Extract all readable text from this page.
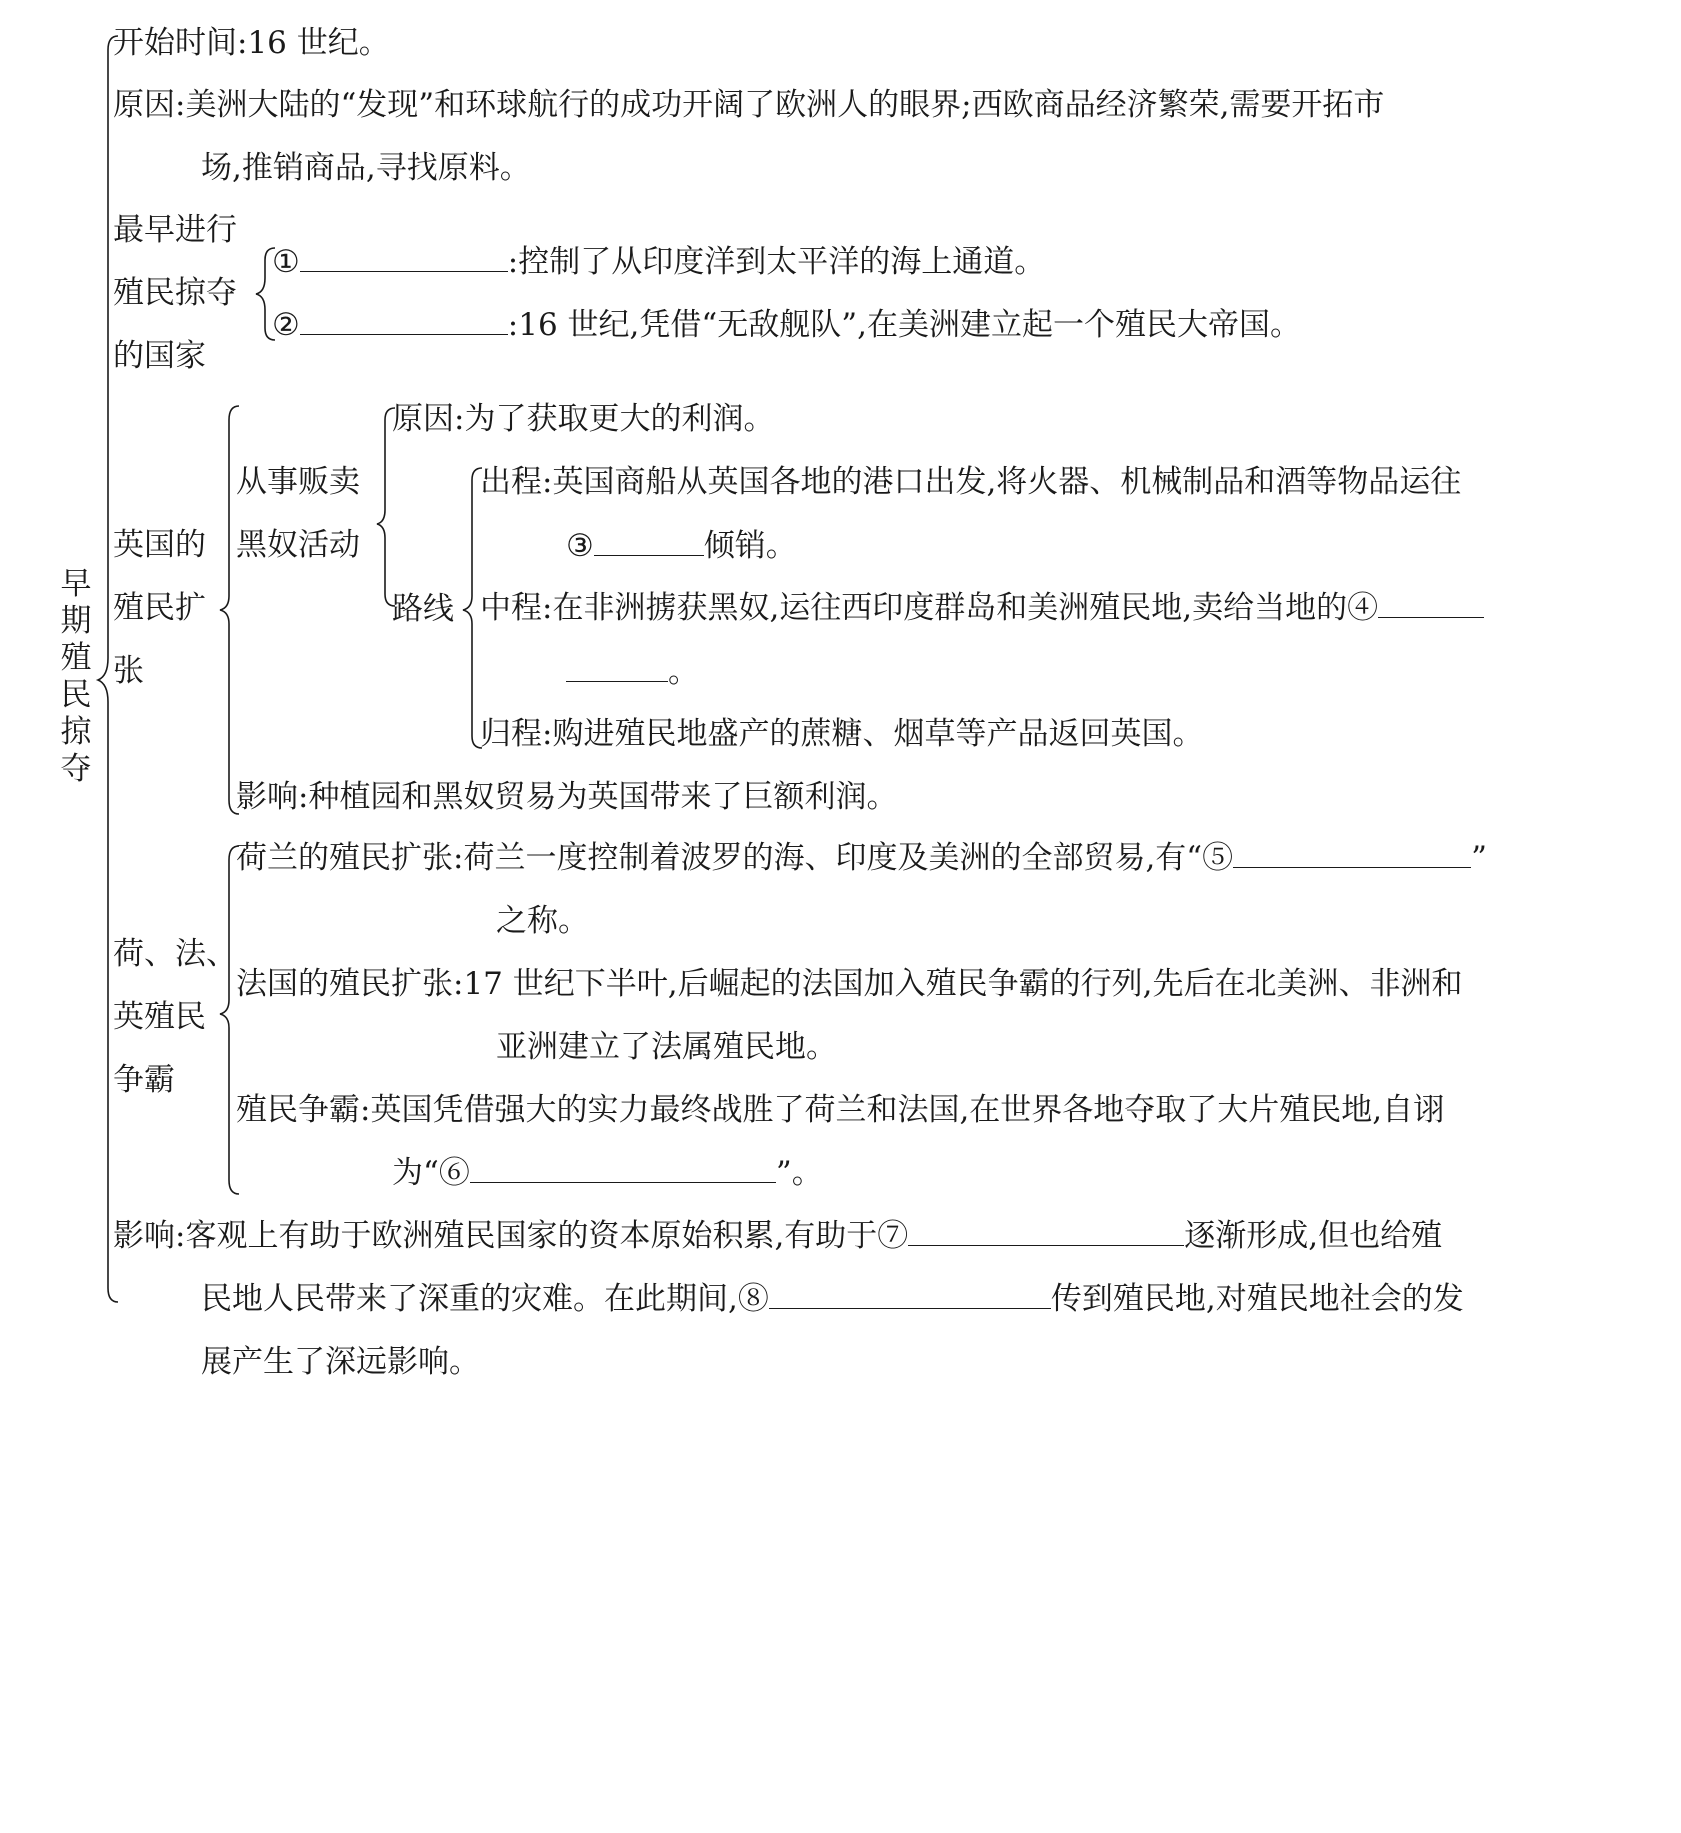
早
期
殖
民
掠
夺
开始时间:16 世纪。
原因:美洲大陆的“发现”和环球航行的成功开阔了欧洲人的眼界;西欧商品经济繁荣,需要开拓市
场,推销商品,寻找原料。
最早进行
殖民掠夺
的国家
①	:控制了从印度洋到太平洋的海上通道。
②	:16 世纪,凭借“无敌舰队”,在美洲建立起一个殖民大帝国。
英国的
殖民扩
张
从事贩卖
黑奴活动
原因:为了获取更大的利润。
路线
出程:英国商船从英国各地的港口出发,将火器、机械制品和酒等物品运往
③	倾销。
中程:在非洲掳获黑奴,运往西印度群岛和美洲殖民地,卖给当地的④
。
归程:购进殖民地盛产的蔗糖、烟草等产品返回英国。
影响:种植园和黑奴贸易为英国带来了巨额利润。
荷、法、
英殖民
争霸
荷兰的殖民扩张:荷兰一度控制着波罗的海、印度及美洲的全部贸易,有“⑤	”
之称。
法国的殖民扩张:17 世纪下半叶,后崛起的法国加入殖民争霸的行列,先后在北美洲、非洲和
亚洲建立了法属殖民地。
殖民争霸:英国凭借强大的实力最终战胜了荷兰和法国,在世界各地夺取了大片殖民地,自诩
为“⑥	”。
影响:客观上有助于欧洲殖民国家的资本原始积累,有助于⑦	逐渐形成,但也给殖
民地人民带来了深重的灾难。在此期间,⑧	传到殖民地,对殖民地社会的发
展产生了深远影响。
